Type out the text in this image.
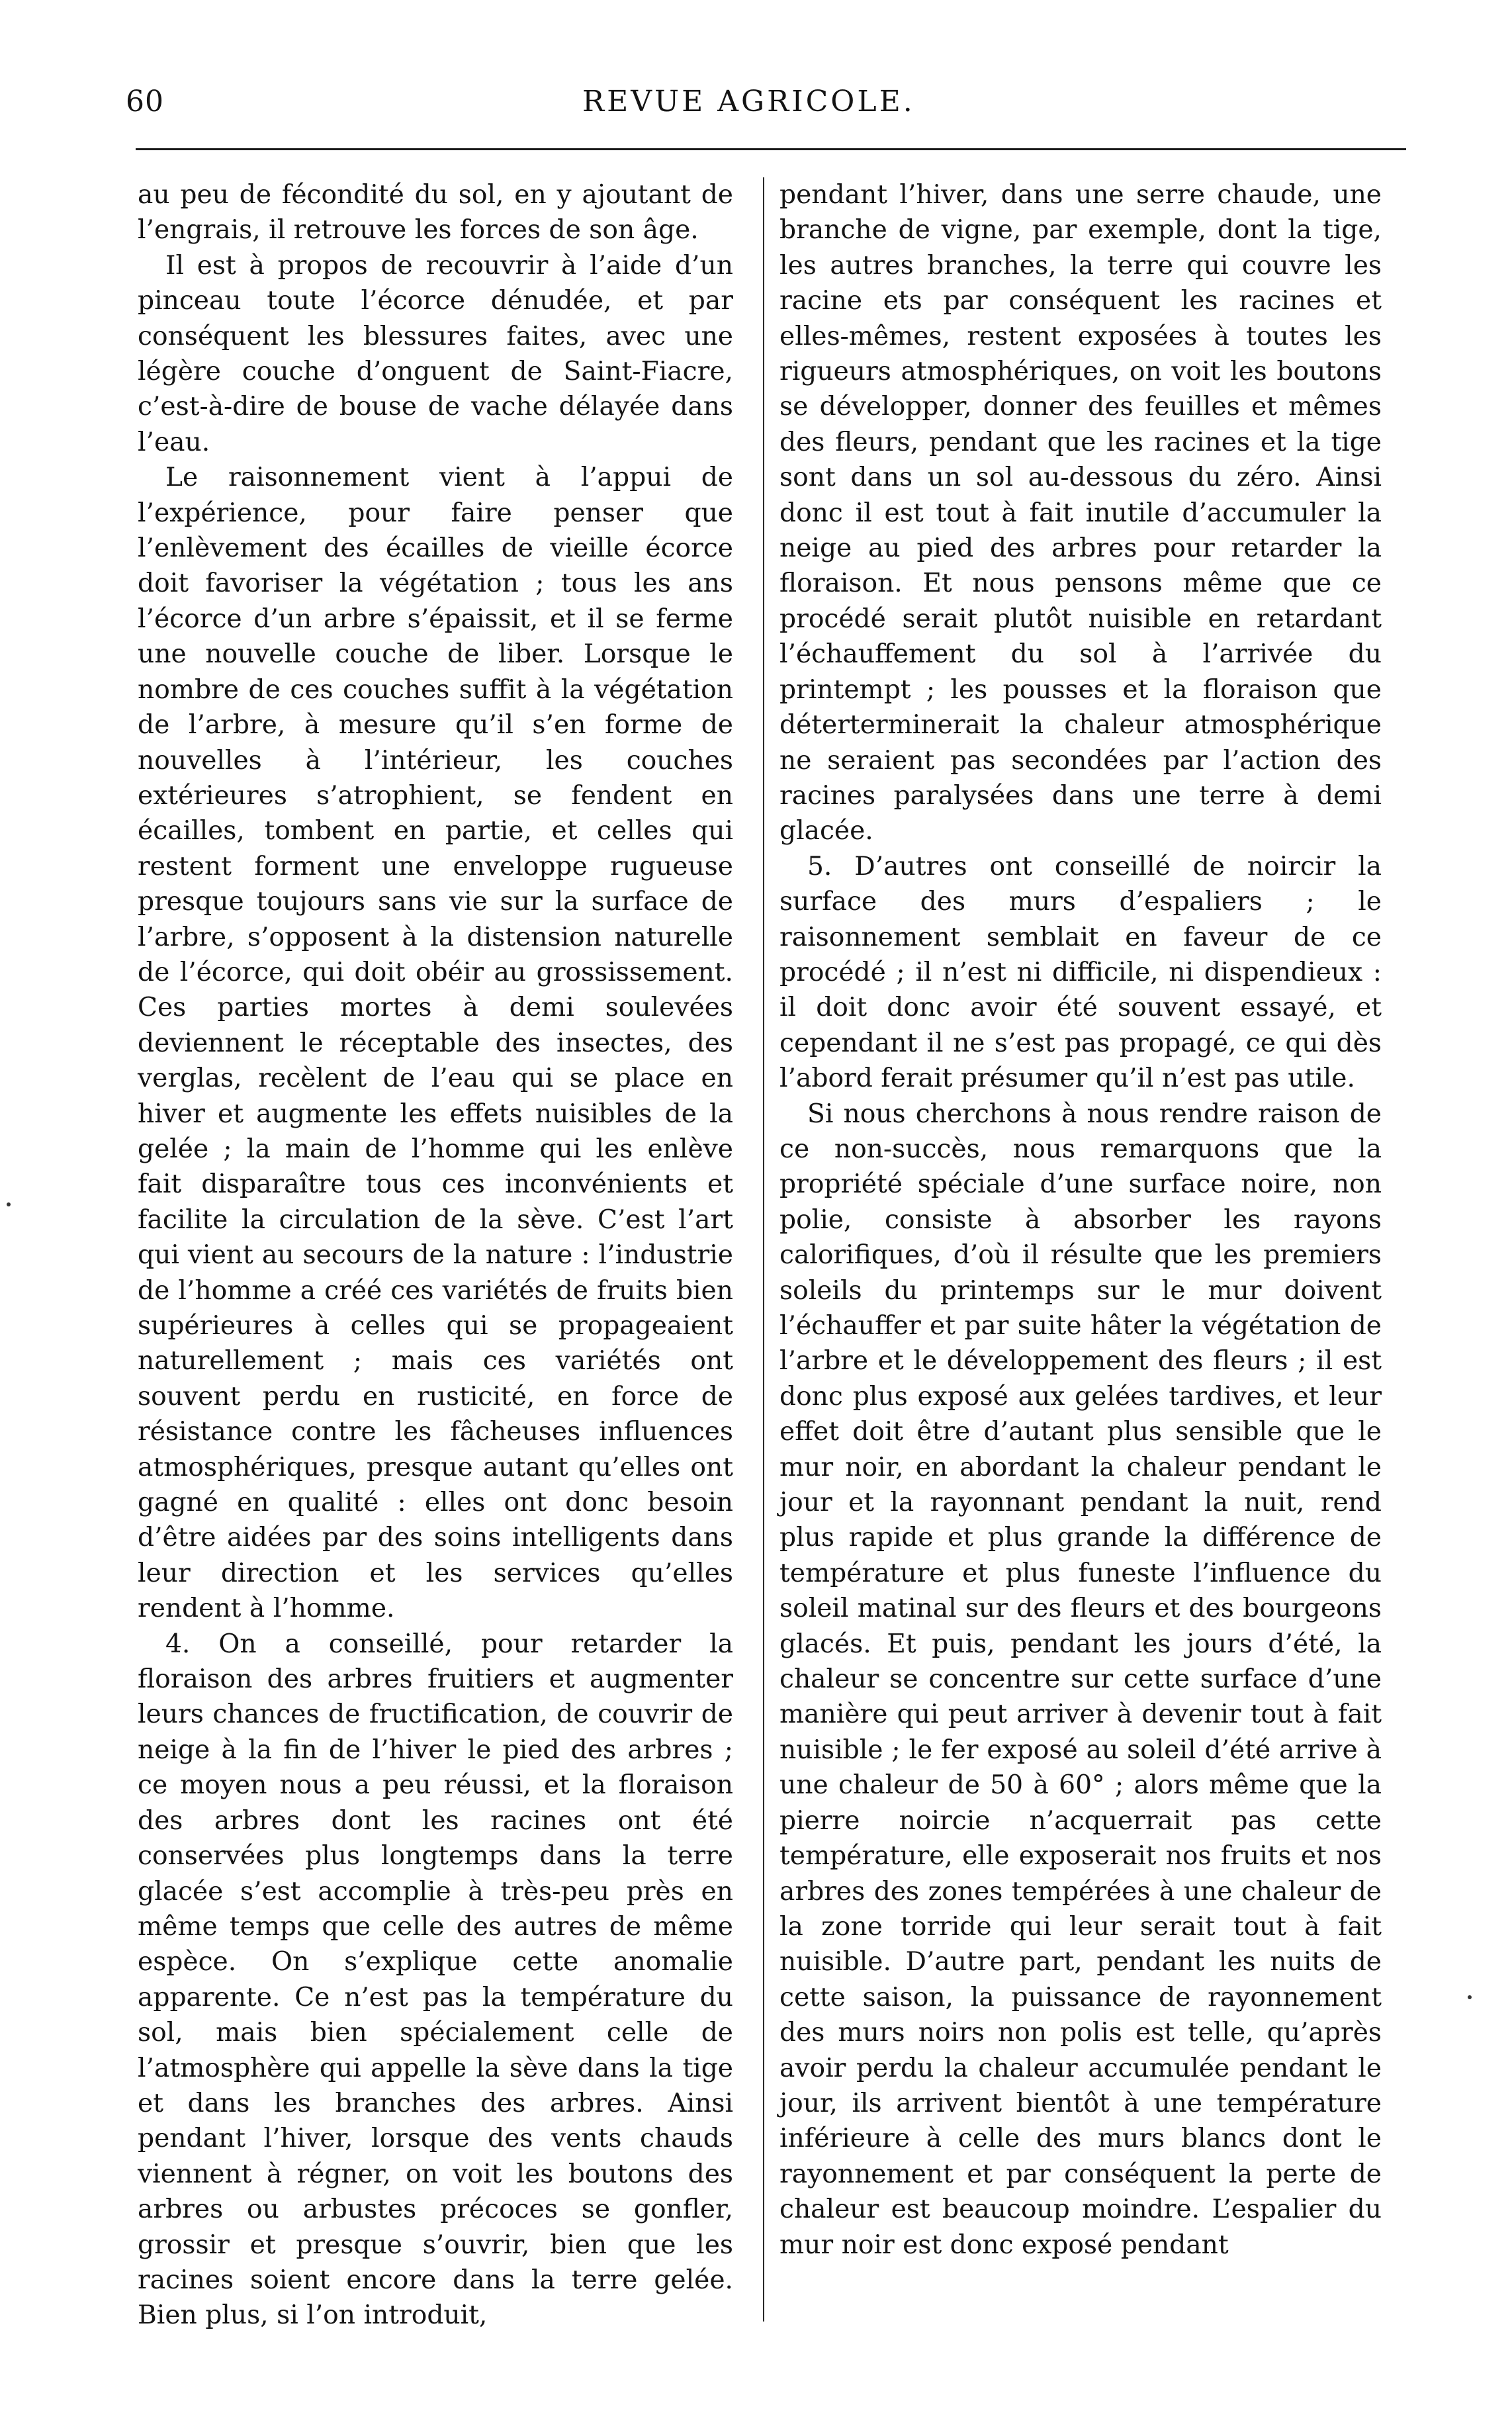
60	REVUE AGRICOLE.

au peu de fécondité du sol, en y ajoutant de l’engrais, il retrouve les forces de son âge.

Il est à propos de recouvrir à l’aide d’un pinceau toute l’écorce dénudée, et par conséquent les blessures faites, avec une légère couche d’onguent de Saint-Fiacre, c’est-à-dire de bouse de vache délayée dans l’eau.

Le raisonnement vient à l’appui de l’expérience, pour faire penser que l’enlèvement des écailles de vieille écorce doit favoriser la végétation ; tous les ans l’écorce d’un arbre s’épaissit, et il se ferme une nouvelle couche de liber. Lorsque le nombre de ces couches suffit à la végétation de l’arbre, à mesure qu’il s’en forme de nouvelles à l’intérieur, les couches extérieures s’atrophient, se fendent en écailles, tombent en partie, et celles qui restent forment une enveloppe rugueuse presque toujours sans vie sur la surface de l’arbre, s’opposent à la distension naturelle de l’écorce, qui doit obéir au grossissement. Ces parties mortes à demi soulevées deviennent le réceptable des insectes, des verglas, recèlent de l’eau qui se place en hiver et augmente les effets nuisibles de la gelée ; la main de l’homme qui les enlève fait disparaître tous ces inconvénients et facilite la circulation de la sève. C’est l’art qui vient au secours de la nature : l’industrie de l’homme a créé ces variétés de fruits bien supérieures à celles qui se propageaient naturellement ; mais ces variétés ont souvent perdu en rusticité, en force de résistance contre les fâcheuses influences atmosphériques, presque autant qu’elles ont gagné en qualité : elles ont donc besoin d’être aidées par des soins intelligents dans leur direction et les services qu’elles rendent à l’homme.

4. On a conseillé, pour retarder la floraison des arbres fruitiers et augmenter leurs chances de fructification, de couvrir de neige à la fin de l’hiver le pied des arbres ; ce moyen nous a peu réussi, et la floraison des arbres dont les racines ont été conservées plus longtemps dans la terre glacée s’est accomplie à très-peu près en même temps que celle des autres de même espèce. On s’explique cette anomalie apparente. Ce n’est pas la température du sol, mais bien spécialement celle de l’atmosphère qui appelle la sève dans la tige et dans les branches des arbres. Ainsi pendant l’hiver, lorsque des vents chauds viennent à régner, on voit les boutons des arbres ou arbustes précoces se gonfler, grossir et presque s’ouvrir, bien que les racines soient encore dans la terre gelée. Bien plus, si l’on introduit,

pendant l’hiver, dans une serre chaude, une branche de vigne, par exemple, dont la tige, les autres branches, la terre qui couvre les racine ets par conséquent les racines et elles-mêmes, restent exposées à toutes les rigueurs atmosphériques, on voit les boutons se développer, donner des feuilles et mêmes des fleurs, pendant que les racines et la tige sont dans un sol au-dessous du zéro. Ainsi donc il est tout à fait inutile d’accumuler la neige au pied des arbres pour retarder la floraison. Et nous pensons même que ce procédé serait plutôt nuisible en retardant l’échauffement du sol à l’arrivée du printempt ; les pousses et la floraison que déterterminerait la chaleur atmosphérique ne seraient pas secondées par l’action des racines paralysées dans une terre à demi glacée.

5. D’autres ont conseillé de noircir la surface des murs d’espaliers ; le raisonnement semblait en faveur de ce procédé ; il n’est ni difficile, ni dispendieux : il doit donc avoir été souvent essayé, et cependant il ne s’est pas propagé, ce qui dès l’abord ferait présumer qu’il n’est pas utile.

Si nous cherchons à nous rendre raison de ce non-succès, nous remarquons que la propriété spéciale d’une surface noire, non polie, consiste à absorber les rayons calorifiques, d’où il résulte que les premiers soleils du printemps sur le mur doivent l’échauffer et par suite hâter la végétation de l’arbre et le développement des fleurs ; il est donc plus exposé aux gelées tardives, et leur effet doit être d’autant plus sensible que le mur noir, en abordant la chaleur pendant le jour et la rayonnant pendant la nuit, rend plus rapide et plus grande la différence de température et plus funeste l’influence du soleil matinal sur des fleurs et des bourgeons glacés. Et puis, pendant les jours d’été, la chaleur se concentre sur cette surface d’une manière qui peut arriver à devenir tout à fait nuisible ; le fer exposé au soleil d’été arrive à une chaleur de 50 à 60° ; alors même que la pierre noircie n’acquerrait pas cette température, elle exposerait nos fruits et nos arbres des zones tempérées à une chaleur de la zone torride qui leur serait tout à fait nuisible. D’autre part, pendant les nuits de cette saison, la puissance de rayonnement des murs noirs non polis est telle, qu’après avoir perdu la chaleur accumulée pendant le jour, ils arrivent bientôt à une température inférieure à celle des murs blancs dont le rayonnement et par conséquent la perte de chaleur est beaucoup moindre. L’espalier du mur noir est donc exposé pendant
